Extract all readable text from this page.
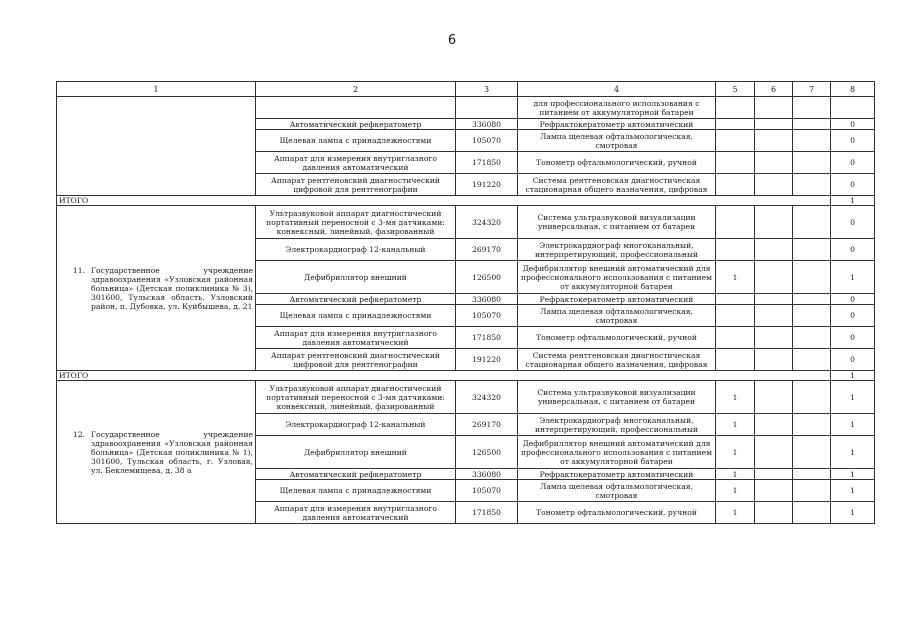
6
1	2	3	4	5	6	7	8
			для профессионального использования с питанием от аккумуляторной батареи				
	Автоматический рефкератометр	336080	Рефрактокератометр автоматический				0
	Щелевая лампа с принадлежностями	105070	Лампа щелевая офтальмологическая, смотровая				0
	Аппарат для измерения внутриглазного давления автоматический	171850	Тонометр офтальмологический, ручной				0
	Аппарат рентгеновский диагностический цифровой для рентгенографии	191220	Система рентгеновская диагностическая стационарная общего назначения, цифровая				0
ИТОГО							1

11. Государственное учреждение здравоохранения «Узловская районная больница» (Детская поликлиника № 3), 301600, Тульская область, Узловский район, п. Дубовка, ул. Куйбышева, д. 21	Ультразвуковой аппарат диагностический портативный переносной с 3-мя датчиками: конвексный, линейный, фазированный	324320	Система ультразвуковой визуализации универсальная, с питанием от батареи				0
	Электрокардиограф 12-канальный	269170	Электрокардиограф многоканальный, интерпретирующий, профессиональный				0
	Дефибриллятор внешний	126500	Дефибриллятор внешний автоматический для профессионального использования с питанием от аккумуляторной батареи	1			1
	Автоматический рефкератометр	336080	Рефрактокератометр автоматический				0
	Щелевая лампа с принадлежностями	105070	Лампа щелевая офтальмологическая, смотровая				0
	Аппарат для измерения внутриглазного давления автоматический	171850	Тонометр офтальмологический, ручной				0
	Аппарат рентгеновский диагностический цифровой для рентгенографии	191220	Система рентгеновская диагностическая стационарная общего назначения, цифровая				0
ИТОГО							1

12. Государственное учреждение здравоохранения «Узловская районная больница» (Детская поликлиника № 1), 301600, Тульская область, г. Узловая, ул. Беклемищева, д. 38 а	Ультразвуковой аппарат диагностический портативный переносной с 3-мя датчиками: конвексный, линейный, фазированный	324320	Система ультразвуковой визуализации универсальная, с питанием от батареи	1			1
	Электрокардиограф 12-канальный	269170	Электрокардиограф многоканальный, интерпретирующий, профессиональный	1			1
	Дефибриллятор внешний	126500	Дефибриллятор внешний автоматический для профессионального использования с питанием от аккумуляторной батареи	1			1
	Автоматический рефкератометр	336080	Рефрактокератометр автоматический	1			1
	Щелевая лампа с принадлежностями	105070	Лампа щелевая офтальмологическая, смотровая	1			1
	Аппарат для измерения внутриглазного давления автоматический	171850	Тонометр офтальмологический, ручной	1			1
